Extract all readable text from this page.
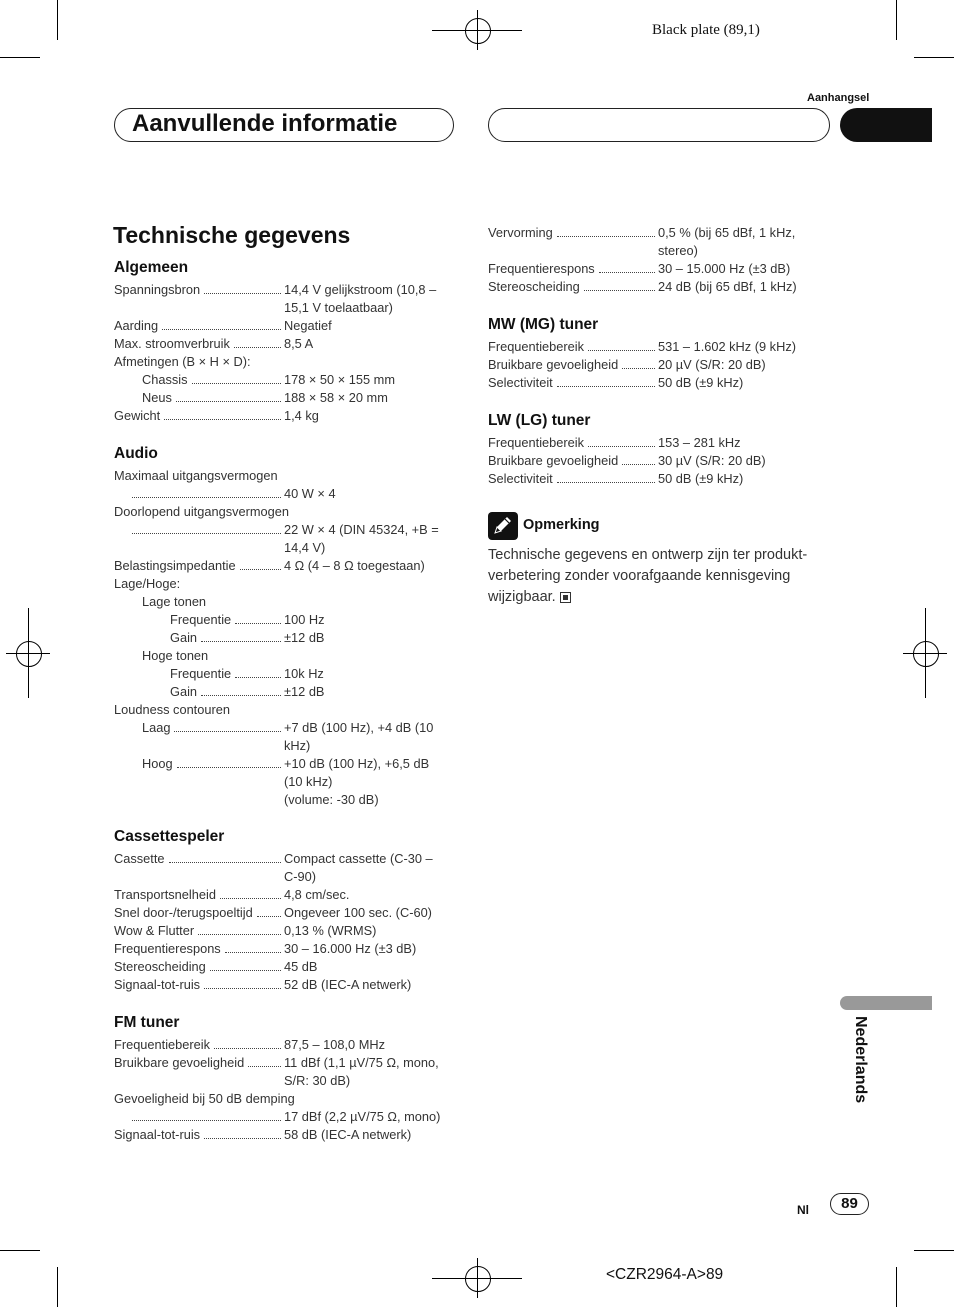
Black plate (89,1)
Aanhangsel
Aanvullende informatie
Technische gegevens
Algemeen
Spanningsbron	14,4 V gelijkstroom (10,8 –
15,1 V toelaatbaar)
Aarding	Negatief
Max. stroomverbruik	8,5 A
Afmetingen (B × H × D):
Chassis	178 × 50 × 155 mm
Neus	188 × 58 × 20 mm
Gewicht	1,4 kg
Audio
Maximaal uitgangsvermogen
40 W × 4
Doorlopend uitgangsvermogen
22 W × 4 (DIN 45324, +B =
14,4 V)
Belastingsimpedantie	4 Ω (4 – 8 Ω toegestaan)
Lage/Hoge:
Lage tonen
Frequentie	100 Hz
Gain	±12 dB
Hoge tonen
Frequentie	10k Hz
Gain	±12 dB
Loudness contouren
Laag	+7 dB (100 Hz), +4 dB (10
kHz)
Hoog	+10 dB (100 Hz), +6,5 dB
(10 kHz)
(volume: -30 dB)
Cassettespeler
Cassette	Compact cassette (C-30 –
C-90)
Transportsnelheid	4,8 cm/sec.
Snel door-/terugspoeltijd Ongeveer 100 sec. (C-60)
Wow & Flutter	0,13 % (WRMS)
Frequentierespons	30 – 16.000 Hz (±3 dB)
Stereoscheiding	45 dB
Signaal-tot-ruis	52 dB (IEC-A netwerk)
FM tuner
Frequentiebereik	87,5 – 108,0 MHz
Bruikbare gevoeligheid	11 dBf (1,1 µV/75 Ω, mono,
S/R: 30 dB)
Gevoeligheid bij 50 dB demping
17 dBf (2,2 µV/75 Ω, mono)
Signaal-tot-ruis	58 dB (IEC-A netwerk)
Vervorming	0,5 % (bij 65 dBf, 1 kHz,
stereo)
Frequentierespons	30 – 15.000 Hz (±3 dB)
Stereoscheiding	24 dB (bij 65 dBf, 1 kHz)
MW (MG) tuner
Frequentiebereik	531 – 1.602 kHz (9 kHz)
Bruikbare gevoeligheid	20 µV (S/R: 20 dB)
Selectiviteit	50 dB (±9 kHz)
LW (LG) tuner
Frequentiebereik	153 – 281 kHz
Bruikbare gevoeligheid	30 µV (S/R: 20 dB)
Selectiviteit	50 dB (±9 kHz)
Opmerking
Technische gegevens en ontwerp zijn ter produkt-verbetering zonder voorafgaande kennisgeving wijzigbaar.
Nederlands
Nl	89
<CZR2964-A>89
